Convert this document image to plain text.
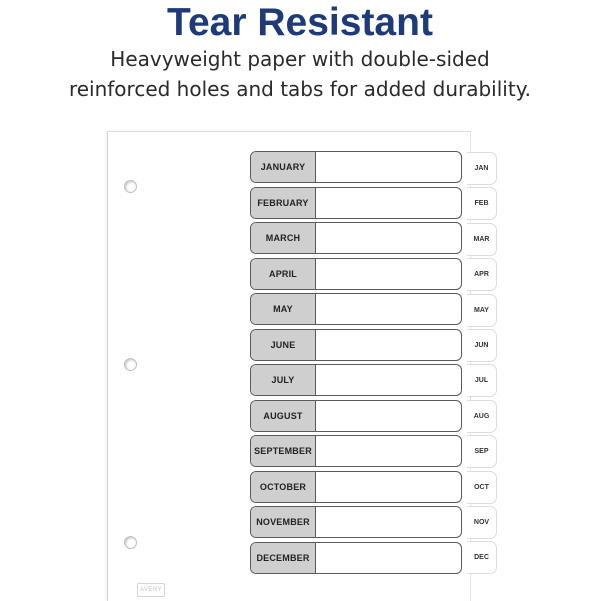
Tear Resistant

Heavyweight paper with double-sided

reinforced holes and tabs for added durability.

AVERY
JANUARY
FEBRUARY
MARCH
APRIL
MAY
JUNE
JULY
AUGUST
SEPTEMBER
OCTOBER
NOVEMBER
DECEMBER
JAN
FEB
MAR
APR
MAY
JUN
JUL
AUG
SEP
OCT
NOV
DEC
